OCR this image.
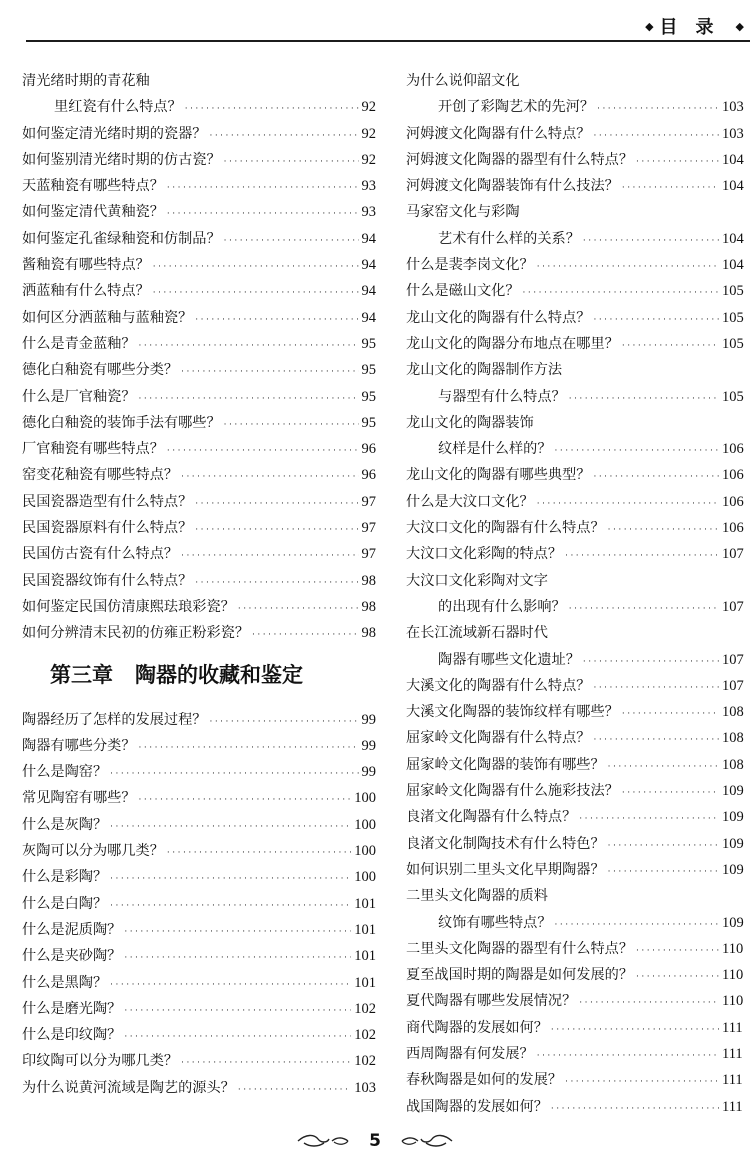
◆ 目录 ◆
清光绪时期的青花釉
里红瓷有什么特点？ ·····	92
如何鉴定清光绪时期的瓷器？ ·····	92
如何鉴别清光绪时期的仿古瓷？ ·····	92
天蓝釉瓷有哪些特点？ ·····	93
如何鉴定清代黄釉瓷？ ·····	93
如何鉴定孔雀绿釉瓷和仿制品？ ·····	94
酱釉瓷有哪些特点？ ·····	94
洒蓝釉有什么特点？ ·····	94
如何区分洒蓝釉与蓝釉瓷？ ·····	94
什么是青金蓝釉？ ·····	95
德化白釉瓷有哪些分类？ ·····	95
什么是厂官釉瓷？ ·····	95
德化白釉瓷的装饰手法有哪些？ ·····	95
厂官釉瓷有哪些特点？ ·····	96
窑变花釉瓷有哪些特点？ ·····	96
民国瓷器造型有什么特点？ ·····	97
民国瓷器原料有什么特点？ ·····	97
民国仿古瓷有什么特点？ ·····	97
民国瓷器纹饰有什么特点？ ·····	98
如何鉴定民国仿清康熙珐琅彩瓷？ ·····	98
如何分辨清末民初的仿雍正粉彩瓷？ ·····	98
第三章 陶器的收藏和鉴定
陶器经历了怎样的发展过程？ ·····	99
陶器有哪些分类？ ·····	99
什么是陶窑？ ·····	99
常见陶窑有哪些？ ·····	100
什么是灰陶？ ·····	100
灰陶可以分为哪几类？ ·····	100
什么是彩陶？ ·····	100
什么是白陶？ ·····	101
什么是泥质陶？ ·····	101
什么是夹砂陶？ ·····	101
什么是黑陶？ ·····	101
什么是磨光陶？ ·····	102
什么是印纹陶？ ·····	102
印纹陶可以分为哪几类？ ·····	102
为什么说黄河流域是陶艺的源头？ ·····	103
为什么说仰韶文化
开创了彩陶艺术的先河？ ·····	103
河姆渡文化陶器有什么特点？ ·····	103
河姆渡文化陶器的器型有什么特点？ ·····	104
河姆渡文化陶器装饰有什么技法？ ·····	104
马家窑文化与彩陶
艺术有什么样的关系？ ·····	104
什么是裴李岗文化？ ·····	104
什么是磁山文化？ ·····	105
龙山文化的陶器有什么特点？ ·····	105
龙山文化的陶器分布地点在哪里？ ·····	105
龙山文化的陶器制作方法
与器型有什么特点？ ·····	105
龙山文化的陶器装饰
纹样是什么样的？ ·····	106
龙山文化的陶器有哪些典型？ ·····	106
什么是大汶口文化？ ·····	106
大汶口文化的陶器有什么特点？ ·····	106
大汶口文化彩陶的特点？ ·····	107
大汶口文化彩陶对文字
的出现有什么影响？ ·····	107
在长江流域新石器时代
陶器有哪些文化遗址？ ·····	107
大溪文化的陶器有什么特点？ ·····	107
大溪文化陶器的装饰纹样有哪些？ ·····	108
屈家岭文化陶器有什么特点？ ·····	108
屈家岭文化陶器的装饰有哪些？ ·····	108
屈家岭文化陶器有什么施彩技法？ ·····	109
良渚文化陶器有什么特点？ ·····	109
良渚文化制陶技术有什么特色？ ·····	109
如何识别二里头文化早期陶器？ ·····	109
二里头文化陶器的质料
纹饰有哪些特点？ ·····	109
二里头文化陶器的器型有什么特点？ ·····	110
夏至战国时期的陶器是如何发展的？ ·····	110
夏代陶器有哪些发展情况？ ·····	110
商代陶器的发展如何？ ·····	111
西周陶器有何发展？ ·····	111
春秋陶器是如何的发展？ ·····	111
战国陶器的发展如何？ ·····	111
5
